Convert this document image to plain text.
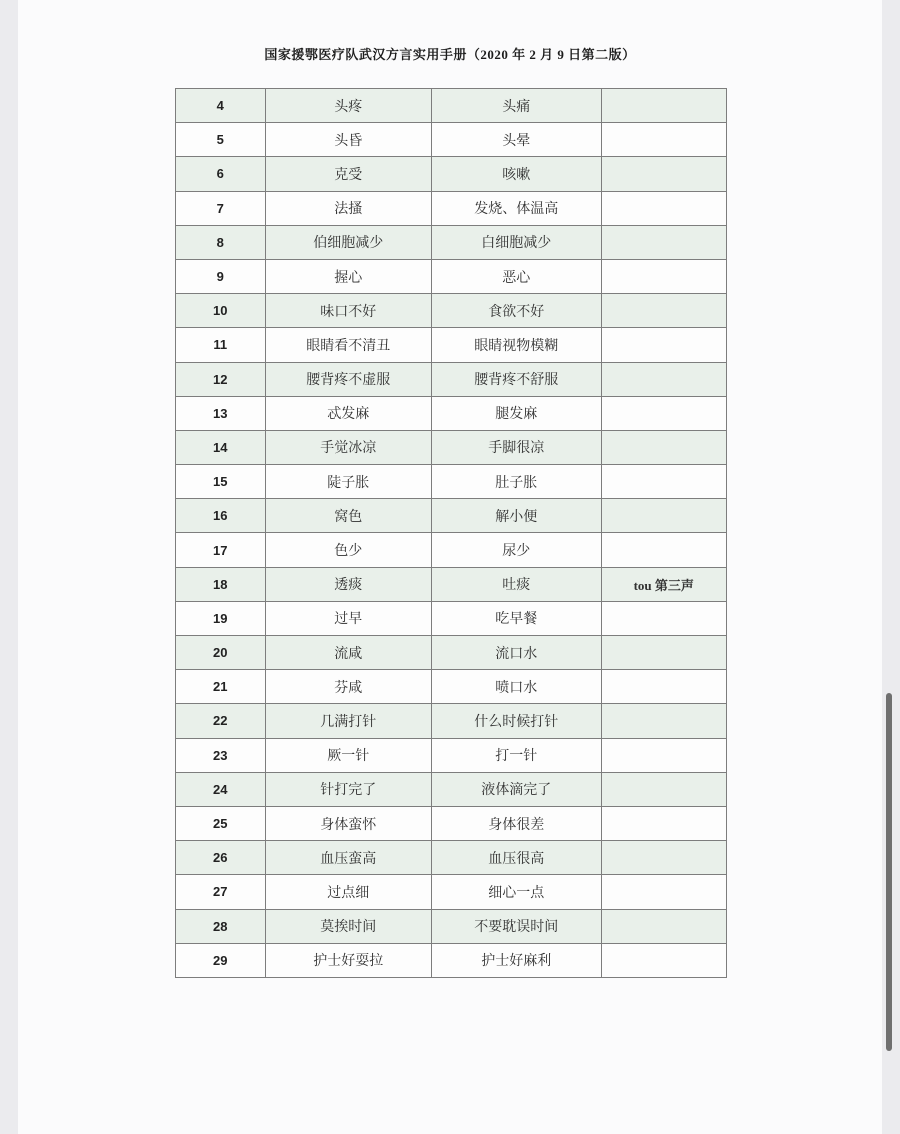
国家援鄂医疗队武汉方言实用手册（2020 年 2 月 9 日第二版）
4	头疼	头痛	
5	头昏	头晕	
6	克受	咳嗽	
7	法搔	发烧、体温高	
8	伯细胞减少	白细胞减少	
9	握心	恶心	
10	味口不好	食欲不好	
11	眼睛看不清丑	眼睛视物模糊	
12	腰背疼不虚服	腰背疼不舒服	
13	忒发麻	腿发麻	
14	手觉冰凉	手脚很凉	
15	陡子胀	肚子胀	
16	窝色	解小便	
17	色少	尿少	
18	透痰	吐痰	tou 第三声
19	过早	吃早餐	
20	流咸	流口水	
21	芬咸	喷口水	
22	几满打针	什么时候打针	
23	厥一针	打一针	
24	针打完了	液体滴完了	
25	身体蛮怀	身体很差	
26	血压蛮高	血压很高	
27	过点细	细心一点	
28	莫挨时间	不要耽误时间	
29	护士好耍拉	护士好麻利	
